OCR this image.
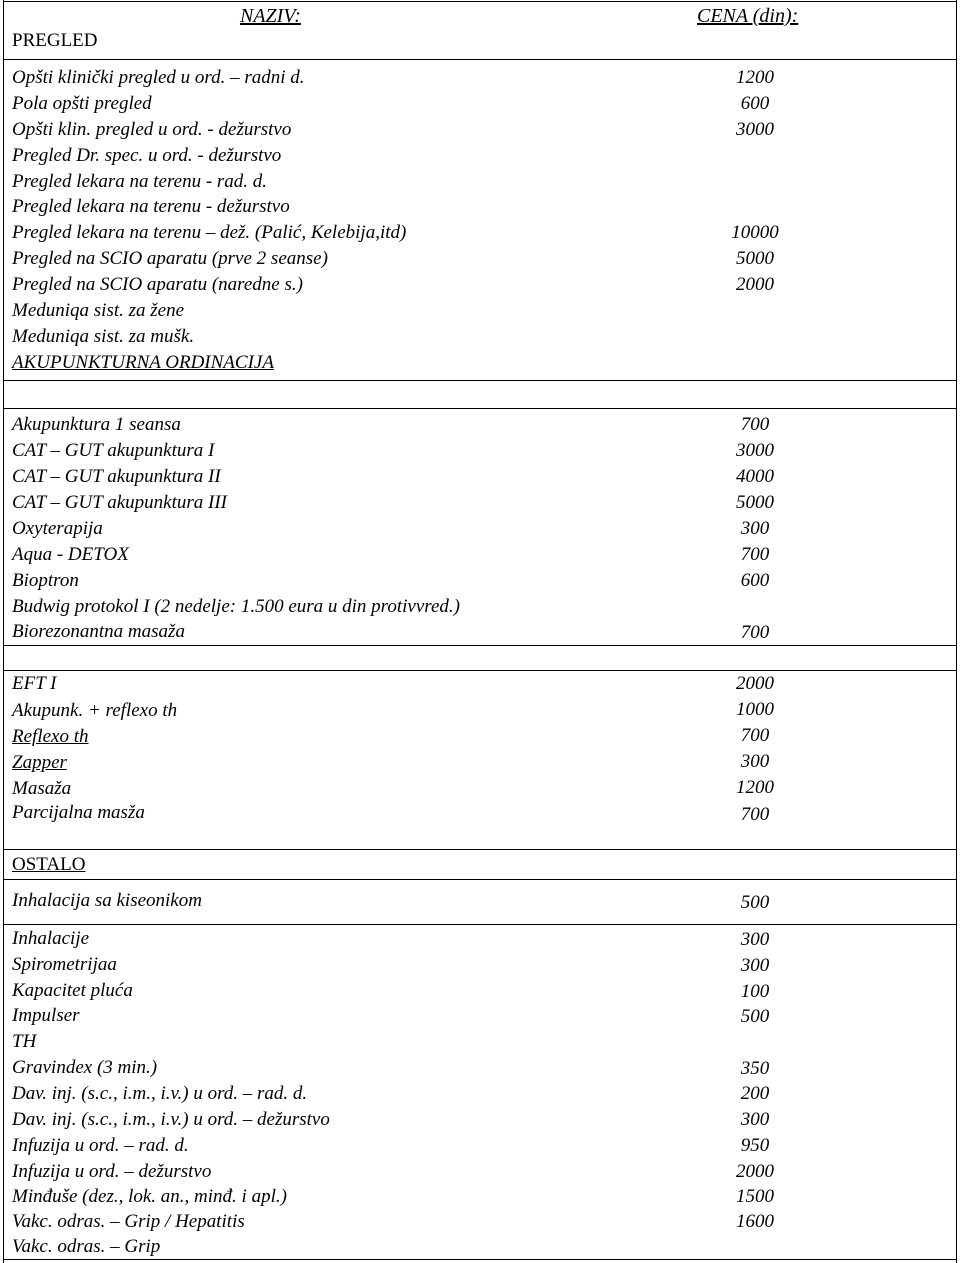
NAZIV:	CENA (din):
PREGLED
AKUPUNKTURNA ORDINACIJA
OSTALO
Opšti klinički pregled u ord. – radni d.	1200
Pola opšti pregled	600
Opšti klin. pregled u ord. - dežurstvo	3000
Pregled Dr. spec. u ord. - dežurstvo
Pregled lekara na terenu - rad. d.
Pregled lekara na terenu - dežurstvo
Pregled lekara na terenu – dež. (Palić, Kelebija,itd)	10000
Pregled na SCIO aparatu (prve 2 seanse)	5000
Pregled na SCIO aparatu (naredne s.)	2000
Meduniqa sist. za žene
Meduniqa sist. za mušk.
Akupunktura 1 seansa	700
CAT – GUT akupunktura I	3000
CAT – GUT akupunktura II	4000
CAT – GUT akupunktura III	5000
Oxyterapija	300
Aqua - DETOX	700
Bioptron	600
Budwig protokol I (2 nedelje: 1.500 eura u din protivvred.)
Biorezonantna masaža	700
EFT I	2000
Akupunk. + reflexo th	1000
Reflexo th	700
Zapper	300
Masaža	1200
Parcijalna masža	700
Inhalacija sa kiseonikom	500
Inhalacije	300
Spirometrijaa	300
Kapacitet pluća	100
Impulser	500
TH
Gravindex (3 min.)	350
Dav. inj. (s.c., i.m., i.v.) u ord. – rad. d.	200
Dav. inj. (s.c., i.m., i.v.) u ord. – dežurstvo	300
Infuzija u ord. – rad. d.	950
Infuzija u ord. – dežurstvo	2000
Minđuše (dez., lok. an., minđ. i apl.)	1500
Vakc. odras. – Grip / Hepatitis	1600
Vakc. odras. – Grip
